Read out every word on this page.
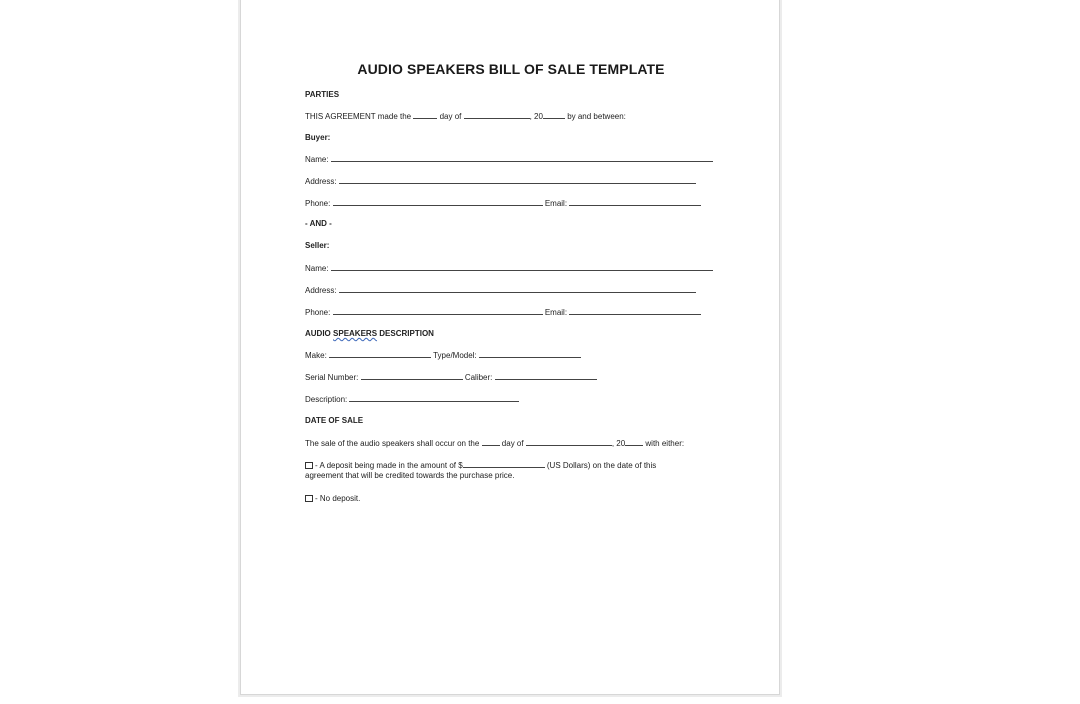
AUDIO SPEAKERS BILL OF SALE TEMPLATE
PARTIES
THIS AGREEMENT made the	day of	, 20	by and between:
Buyer:
Name:
Address:
Phone:	Email:
- AND -
Seller:
Name:
Address:
Phone:	Email:
AUDIO SPEAKERS DESCRIPTION
Make:	Type/Model:
Serial Number:	Caliber:
Description:
DATE OF SALE
The sale of the audio speakers shall occur on the	day of	, 20	with either:
- A deposit being made in the amount of $	(US Dollars) on the date of this
agreement that will be credited towards the purchase price.
- No deposit.
